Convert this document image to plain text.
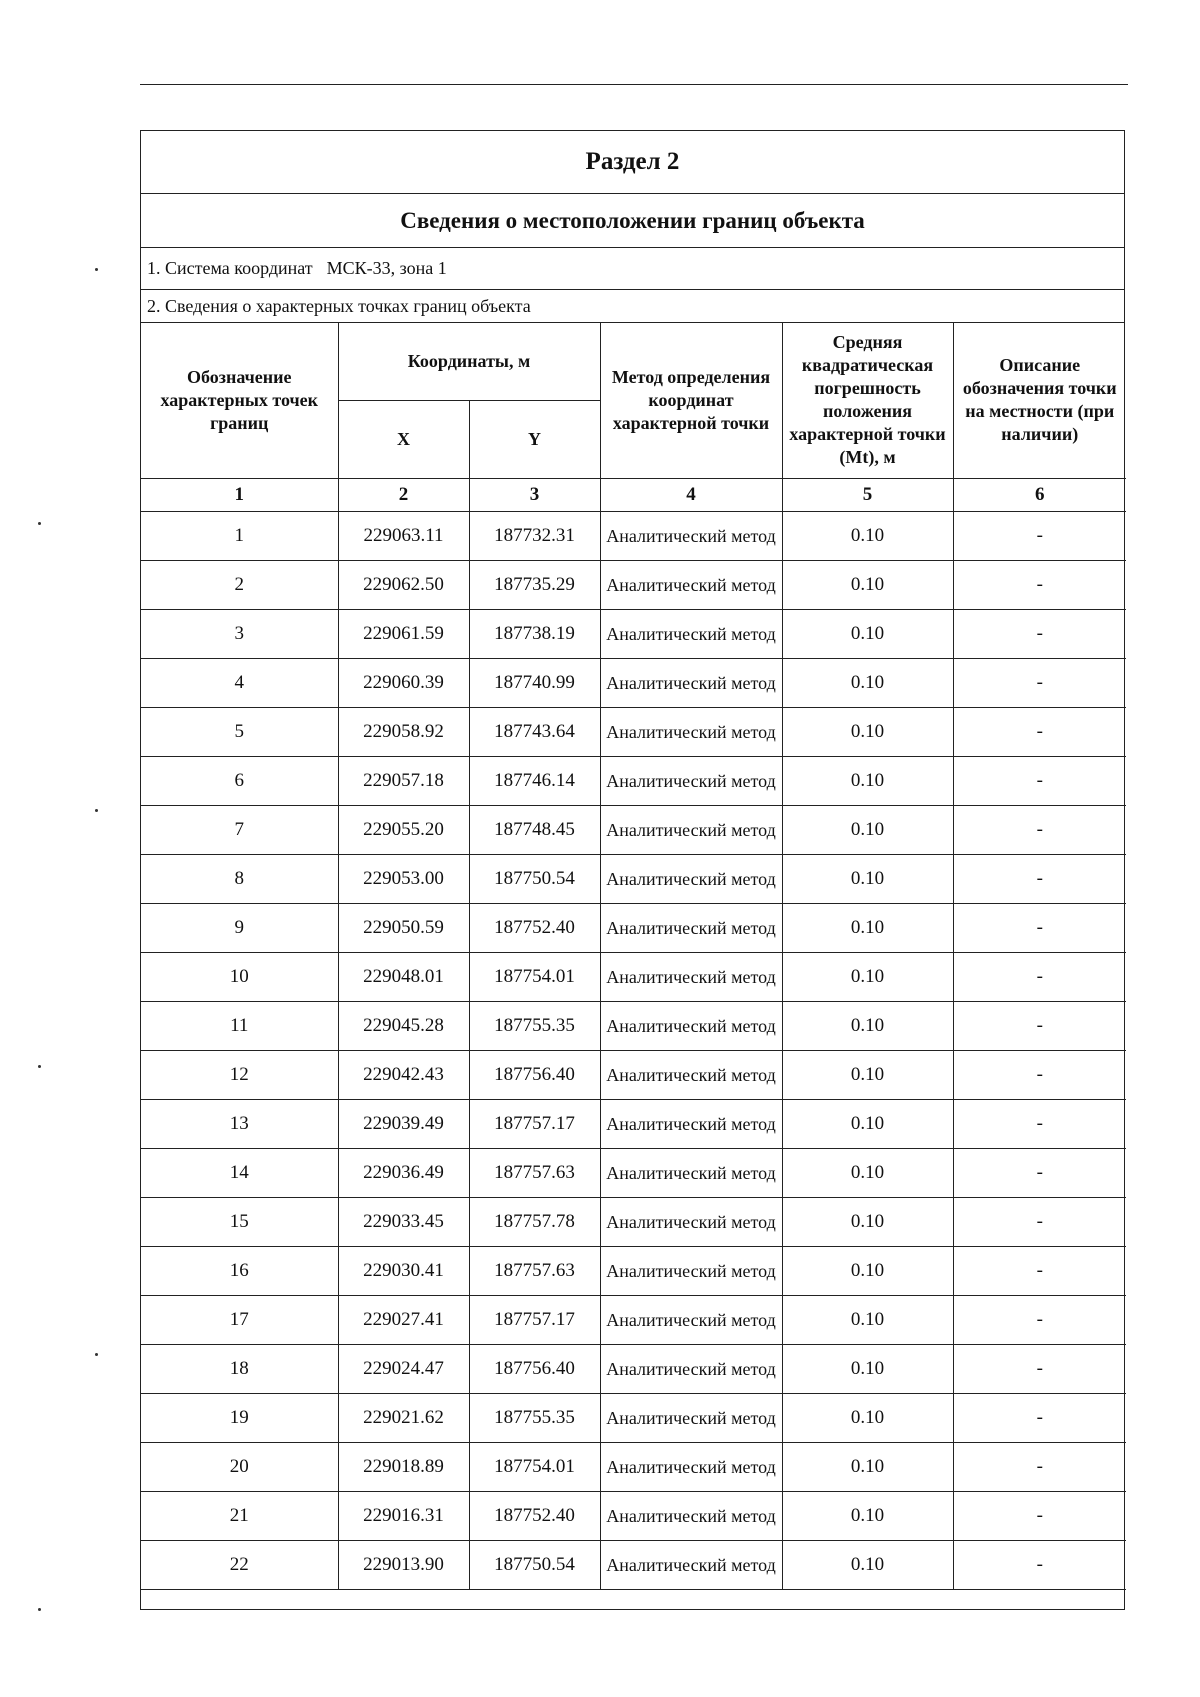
Раздел 2
Сведения о местоположении границ объекта
1. Система координат МСК-33, зона 1
2. Сведения о характерных точках границ объекта
Обозначение характерных точек границ	Координаты, м		Метод определения координат характерной точки	Средняя квадратическая погрешность положения характерной точки (Mt), м	Описание обозначения точки на местности (при наличии)
	X	Y			
1	2	3	4	5	6
1	229063.11	187732.31	Аналитический метод	0.10	-
2	229062.50	187735.29	Аналитический метод	0.10	-
3	229061.59	187738.19	Аналитический метод	0.10	-
4	229060.39	187740.99	Аналитический метод	0.10	-
5	229058.92	187743.64	Аналитический метод	0.10	-
6	229057.18	187746.14	Аналитический метод	0.10	-
7	229055.20	187748.45	Аналитический метод	0.10	-
8	229053.00	187750.54	Аналитический метод	0.10	-
9	229050.59	187752.40	Аналитический метод	0.10	-
10	229048.01	187754.01	Аналитический метод	0.10	-
11	229045.28	187755.35	Аналитический метод	0.10	-
12	229042.43	187756.40	Аналитический метод	0.10	-
13	229039.49	187757.17	Аналитический метод	0.10	-
14	229036.49	187757.63	Аналитический метод	0.10	-
15	229033.45	187757.78	Аналитический метод	0.10	-
16	229030.41	187757.63	Аналитический метод	0.10	-
17	229027.41	187757.17	Аналитический метод	0.10	-
18	229024.47	187756.40	Аналитический метод	0.10	-
19	229021.62	187755.35	Аналитический метод	0.10	-
20	229018.89	187754.01	Аналитический метод	0.10	-
21	229016.31	187752.40	Аналитический метод	0.10	-
22	229013.90	187750.54	Аналитический метод	0.10	-
